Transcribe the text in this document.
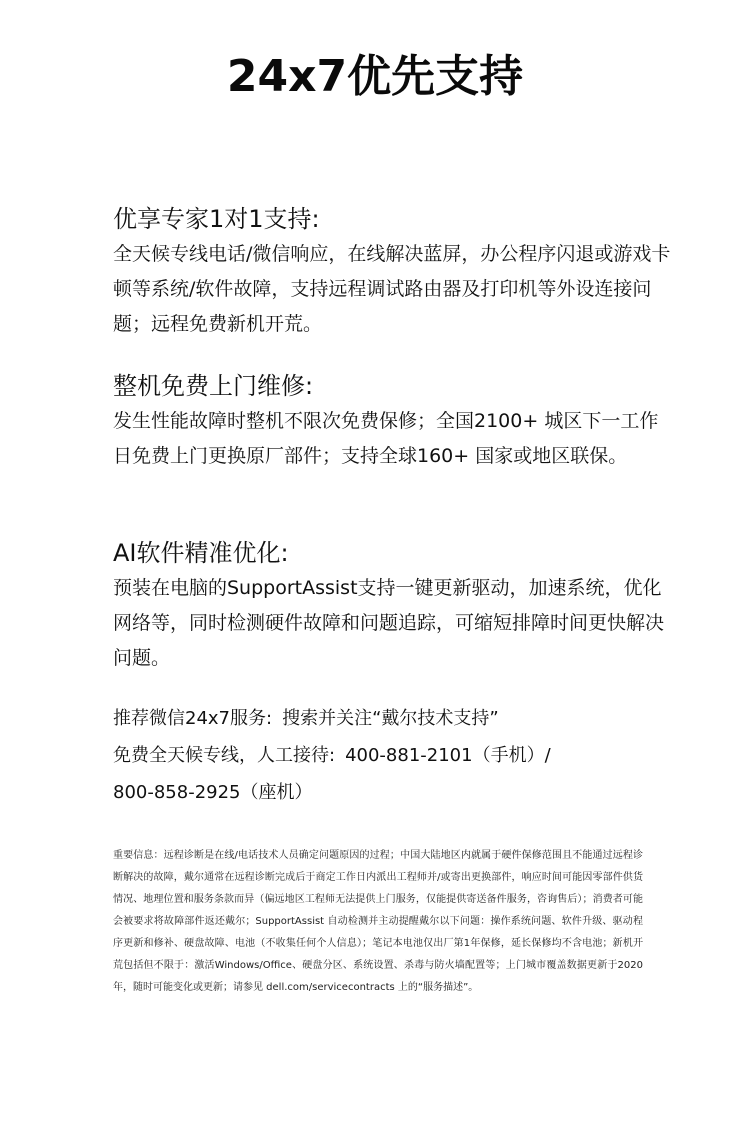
24x7优先支持
优享专家1对1支持:

全天候专线电话/微信响应，在线解决蓝屏，办公程序闪退或游戏卡顿等系统/软件故障，支持远程调试路由器及打印机等外设连接问题；远程免费新机开荒。

整机免费上门维修:

发生性能故障时整机不限次免费保修；全国2100+ 城区下一工作日免费上门更换原厂部件；支持全球160+ 国家或地区联保。

AI软件精准优化:

预装在电脑的SupportAssist支持一键更新驱动，加速系统，优化网络等，同时检测硬件故障和问题追踪，可缩短排障时间更快解决问题。

推荐微信24x7服务: 搜索并关注“戴尔技术支持”
免费全天候专线，人工接待: 400-881-2101（手机）/
800-858-2925（座机）
重要信息：远程诊断是在线/电话技术人员确定问题原因的过程；中国大陆地区内就属于硬件保修范围且不能通过远程诊断解决的故障，戴尔通常在远程诊断完成后于商定工作日内派出工程师并/或寄出更换部件，响应时间可能因零部件供货情况、地理位置和服务条款而异（偏远地区工程师无法提供上门服务，仅能提供寄送备件服务，咨询售后）；消费者可能会被要求将故障部件返还戴尔；SupportAssist 自动检测并主动提醒戴尔以下问题：操作系统问题、软件升级、驱动程序更新和修补、硬盘故障、电池（不收集任何个人信息）；笔记本电池仅出厂第1年保修，延长保修均不含电池；新机开荒包括但不限于：激活Windows/Office、硬盘分区、系统设置、杀毒与防火墙配置等；上门城市覆盖数据更新于2020年，随时可能变化或更新；请参见 dell.com/servicecontracts 上的“服务描述”。
